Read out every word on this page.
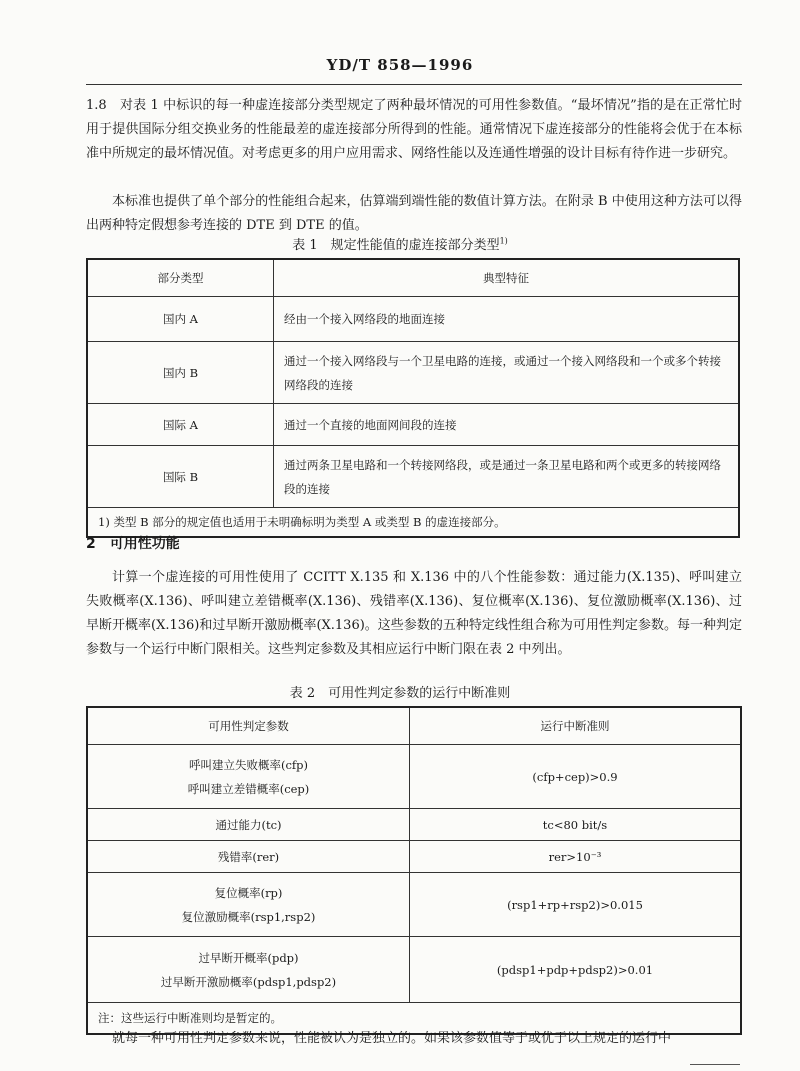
YD/T 858—1996

1.8　对表 1 中标识的每一种虚连接部分类型规定了两种最坏情况的可用性参数值。“最坏情况”指的是在正常忙时用于提供国际分组交换业务的性能最差的虚连接部分所得到的性能。通常情况下虚连接部分的性能将会优于在本标准中所规定的最坏情况值。对考虑更多的用户应用需求、网络性能以及连通性增强的设计目标有待作进一步研究。

本标准也提供了单个部分的性能组合起来，估算端到端性能的数值计算方法。在附录 B 中使用这种方法可以得出两种特定假想参考连接的 DTE 到 DTE 的值。

表 1　规定性能值的虚连接部分类型$^{1)}$
部分类型	典型特征
国内 A	经由一个接入网络段的地面连接
国内 B	通过一个接入网络段与一个卫星电路的连接，或通过一个接入网络段和一个或多个转接网络段的连接
国际 A	通过一个直接的地面网间段的连接
国际 B	通过两条卫星电路和一个转接网络段，或是通过一条卫星电路和两个或更多的转接网络段的连接
1) 类型 B 部分的规定值也适用于未明确标明为类型 A 或类型 B 的虚连接部分。	
2　可用性功能

计算一个虚连接的可用性使用了 CCITT X.135 和 X.136 中的八个性能参数：通过能力(X.135)、呼叫建立失败概率(X.136)、呼叫建立差错概率(X.136)、残错率(X.136)、复位概率(X.136)、复位激励概率(X.136)、过早断开概率(X.136)和过早断开激励概率(X.136)。这些参数的五种特定线性组合称为可用性判定参数。每一种判定参数与一个运行中断门限相关。这些判定参数及其相应运行中断门限在表 2 中列出。

表 2　可用性判定参数的运行中断准则
可用性判定参数	运行中断准则

呼叫建立失败概率(cfp)
呼叫建立差错概率(cep)	(cfp+cep)>0.9
通过能力(tc)	tc<80 bit/s
残错率(rer)	rer>10⁻³

复位概率(rp)
复位激励概率(rsp1,rsp2)	(rsp1+rp+rsp2)>0.015

过早断开概率(pdp)
过早断开激励概率(pdsp1,pdsp2)	(pdsp1+pdp+pdsp2)>0.01
注：这些运行中断准则均是暂定的。	

就每一种可用性判定参数来说，性能被认为是独立的。如果该参数值等于或优于以上规定的运行中
